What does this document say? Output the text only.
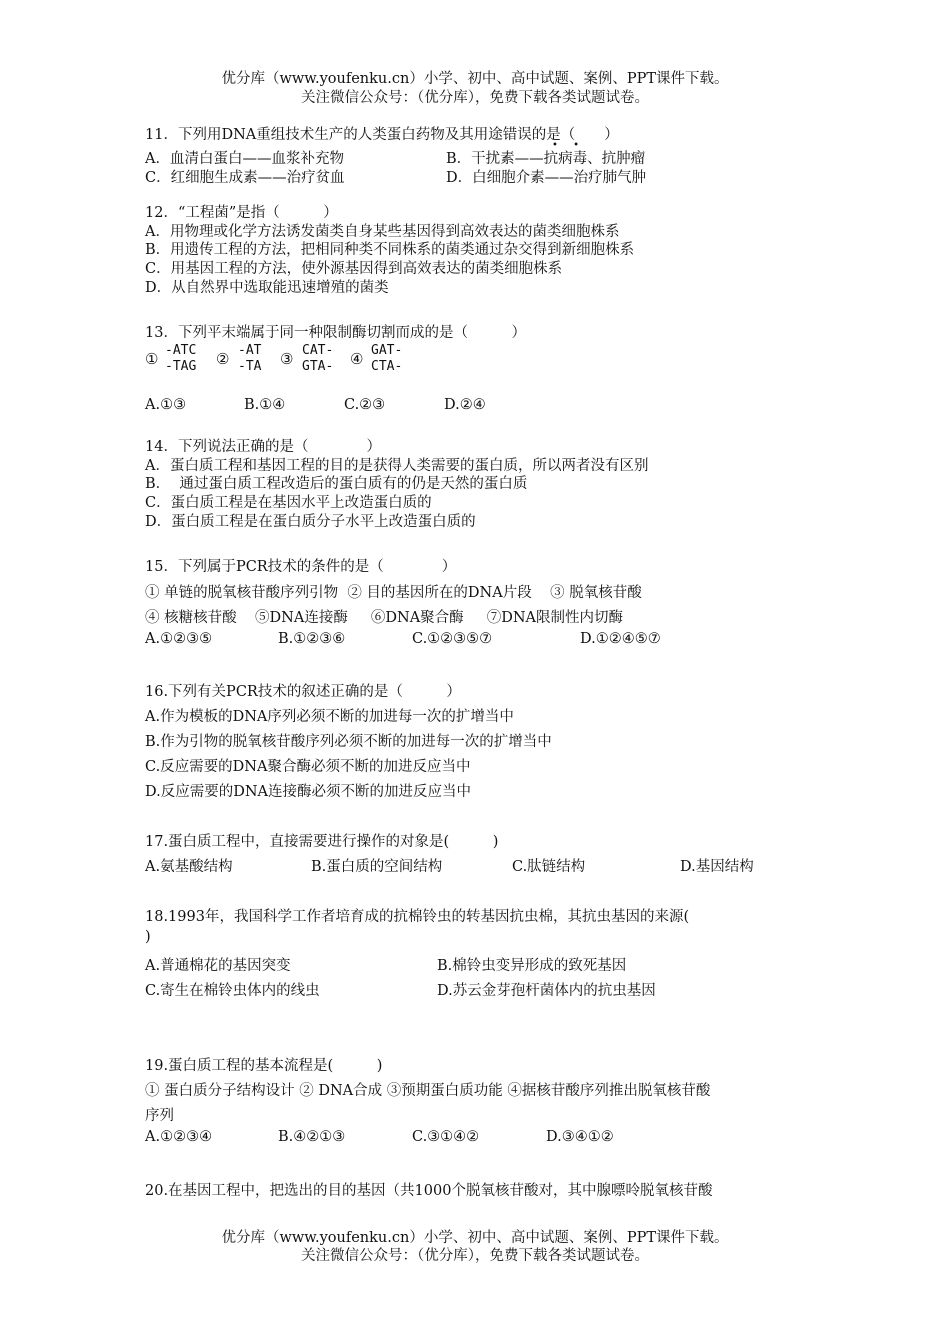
优分库（www.youfenku.cn）小学、初中、高中试题、案例、PPT课件下载。
关注微信公众号：（优分库），免费下载各类试题试卷。
11．下列用DNA重组技术生产的人类蛋白药物及其用途错误的是（　　）
• •
A．血清白蛋白——血浆补充物	B．干扰素——抗病毒、抗肿瘤
C．红细胞生成素——治疗贫血	D．白细胞介素——治疗肺气肿
12．“工程菌”是指（　　　）
A．用物理或化学方法诱发菌类自身某些基因得到高效表达的菌类细胞株系
B．用遗传工程的方法，把相同种类不同株系的菌类通过杂交得到新细胞株系
C．用基因工程的方法，使外源基因得到高效表达的菌类细胞株系
D．从自然界中选取能迅速增殖的菌类
13．下列平末端属于同一种限制酶切割而成的是（　　　）
① -ATC
-TAG ② -AT
-TA ③ CAT-
GTA- ④ GAT-
CTA-
A.①③	B.①④	C.②③	D.②④
14．下列说法正确的是（　　　　）
A．蛋白质工程和基因工程的目的是获得人类需要的蛋白质，所以两者没有区别
B．  通过蛋白质工程改造后的蛋白质有的仍是天然的蛋白质
C．蛋白质工程是在基因水平上改造蛋白质的
D．蛋白质工程是在蛋白质分子水平上改造蛋白质的
15．下列属于PCR技术的条件的是（　　　　）
① 单链的脱氧核苷酸序列引物  ② 目的基因所在的DNA片段    ③ 脱氧核苷酸
④ 核糖核苷酸    ⑤DNA连接酶     ⑥DNA聚合酶     ⑦DNA限制性内切酶
A.①②③⑤	B.①②③⑥	C.①②③⑤⑦	D.①②④⑤⑦
16.下列有关PCR技术的叙述正确的是（　　　）
A.作为模板的DNA序列必须不断的加进每一次的扩增当中
B.作为引物的脱氧核苷酸序列必须不断的加进每一次的扩增当中
C.反应需要的DNA聚合酶必须不断的加进反应当中
D.反应需要的DNA连接酶必须不断的加进反应当中
17.蛋白质工程中，直接需要进行操作的对象是(　　　)
A.氨基酸结构	B.蛋白质的空间结构	C.肽链结构	D.基因结构
18.1993年，我国科学工作者培育成的抗棉铃虫的转基因抗虫棉，其抗虫基因的来源(
)
A.普通棉花的基因突变	B.棉铃虫变异形成的致死基因
C.寄生在棉铃虫体内的线虫	D.苏云金芽孢杆菌体内的抗虫基因
19.蛋白质工程的基本流程是(　　　)
① 蛋白质分子结构设计 ② DNA合成 ③预期蛋白质功能 ④据核苷酸序列推出脱氧核苷酸
序列
A.①②③④	B.④②①③	C.③①④②	D.③④①②
20.在基因工程中，把选出的目的基因（共1000个脱氧核苷酸对，其中腺嘌呤脱氧核苷酸
优分库（www.youfenku.cn）小学、初中、高中试题、案例、PPT课件下载。
关注微信公众号：（优分库），免费下载各类试题试卷。
